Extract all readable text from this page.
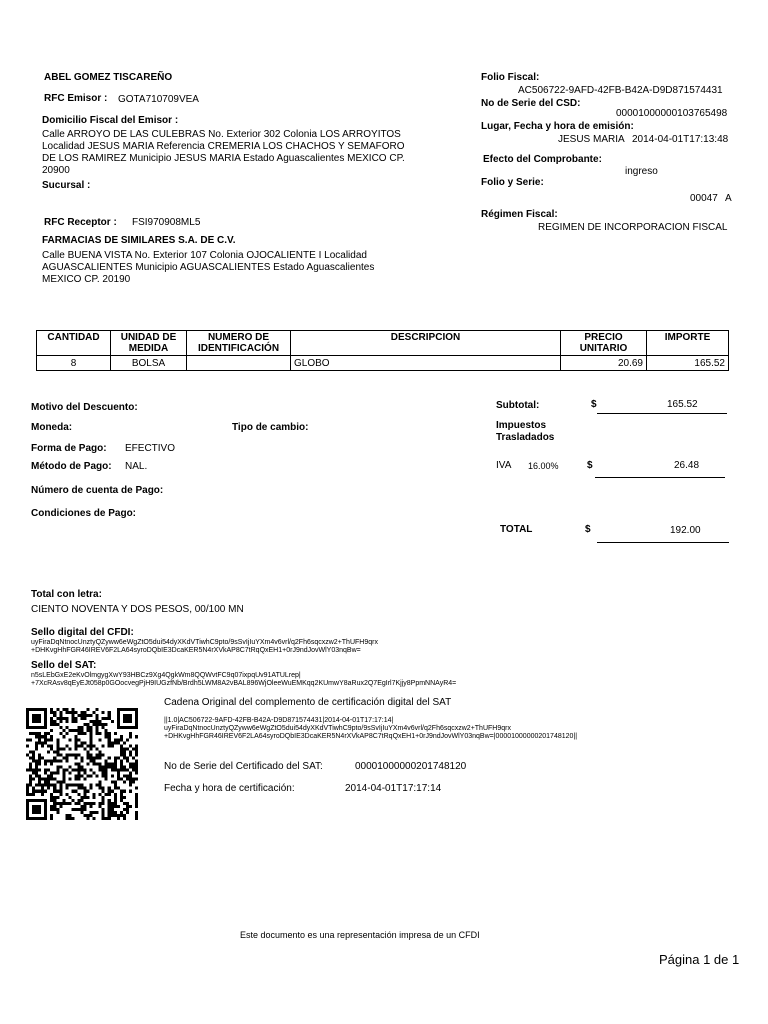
ABEL GOMEZ TISCAREÑO
RFC Emisor : GOTA710709VEA
Domicilio Fiscal del Emisor :
Calle ARROYO DE LAS CULEBRAS No. Exterior 302 Colonia LOS ARROYITOS Localidad JESUS MARIA Referencia CREMERIA LOS CHACHOS Y SEMAFORO DE LOS RAMIREZ Municipio JESUS MARIA Estado Aguascalientes MEXICO CP. 20900
Sucursal :
RFC Receptor : FSI970908ML5
FARMACIAS DE SIMILARES S.A. DE C.V.
Calle BUENA VISTA No. Exterior 107 Colonia OJOCALIENTE I Localidad AGUASCALIENTES Municipio AGUASCALIENTES Estado Aguascalientes MEXICO CP. 20190
Folio Fiscal:
AC506722-9AFD-42FB-B42A-D9D871574431
No de Serie del CSD:
00001000000103765498
Lugar, Fecha y hora de emisión:
JESUS MARIA 2014-04-01T17:13:48
Efecto del Comprobante:
ingreso
Folio y Serie:
00047 A
Régimen Fiscal:
REGIMEN DE INCORPORACION FISCAL
CANTIDAD	UNIDAD DE MEDIDA	NUMERO DE IDENTIFICACIÓN	DESCRIPCION	PRECIO UNITARIO	IMPORTE
8	BOLSA		GLOBO	20.69	165.52
Motivo del Descuento:
Moneda:	Tipo de cambio:
Forma de Pago: EFECTIVO
Método de Pago: NAL.
Número de cuenta de Pago:
Condiciones de Pago:
Subtotal:	$	165.52
Impuestos
Trasladados
IVA 16.00%	$	26.48
TOTAL	$	192.00
Total con letra:
CIENTO NOVENTA Y DOS PESOS, 00/100 MN
Sello digital del CFDI:
uyFiraDqNtnocUnztyQZyww6eWgZtO5dui54dyXKdVTiwhC9pto/9sSvIjIuYXm4v6vrl/q2Fh6sqcxzw2+ThUFH9qrx
+DHKvgHhFGR46IREV6F2LA64syroDQbIE3DcaKER5N4rXVkAP8C7tRqQxEH1+0rJ9ndJovWlY03nqBw=
Sello del SAT:
n5sLEbGxE2eKvOlmgygXwY93HBCz9Xg4QgkWm8QQWvtFC9q07ixpqUv91ATULrep|
+7XcRAsv8qEyEJt058p0GOocvegPjH9IUGzfNb/Brdh5LWM8A2vBAL896WjOleeWuEMKqq2KUmwY8aRux2Q7EgIrl7Kjjy8PpmNNAyR4=
Cadena Original del complemento de certificación digital del SAT
||1.0|AC506722-9AFD-42FB-B42A-D9D871574431|2014-04-01T17:17:14|
uyFiraDqNtnocUnztyQZyww6eWgZtO5dui54dyXKdVTiwhC9pto/9sSvIjIuYXm4v6vrl/q2Fh6sqcxzw2+ThUFH9qrx
+DHKvgHhFGR46IREV6F2LA64syroDQbIE3DcaKER5N4rXVkAP8C7tRqQxEH1+0rJ9ndJovWlY03nqBw=|00001000000201748120||
No de Serie del Certificado del SAT:	00001000000201748120
Fecha y hora de certificación:	2014-04-01T17:17:14
Este documento es una representación impresa de un CFDI
Página 1 de 1
